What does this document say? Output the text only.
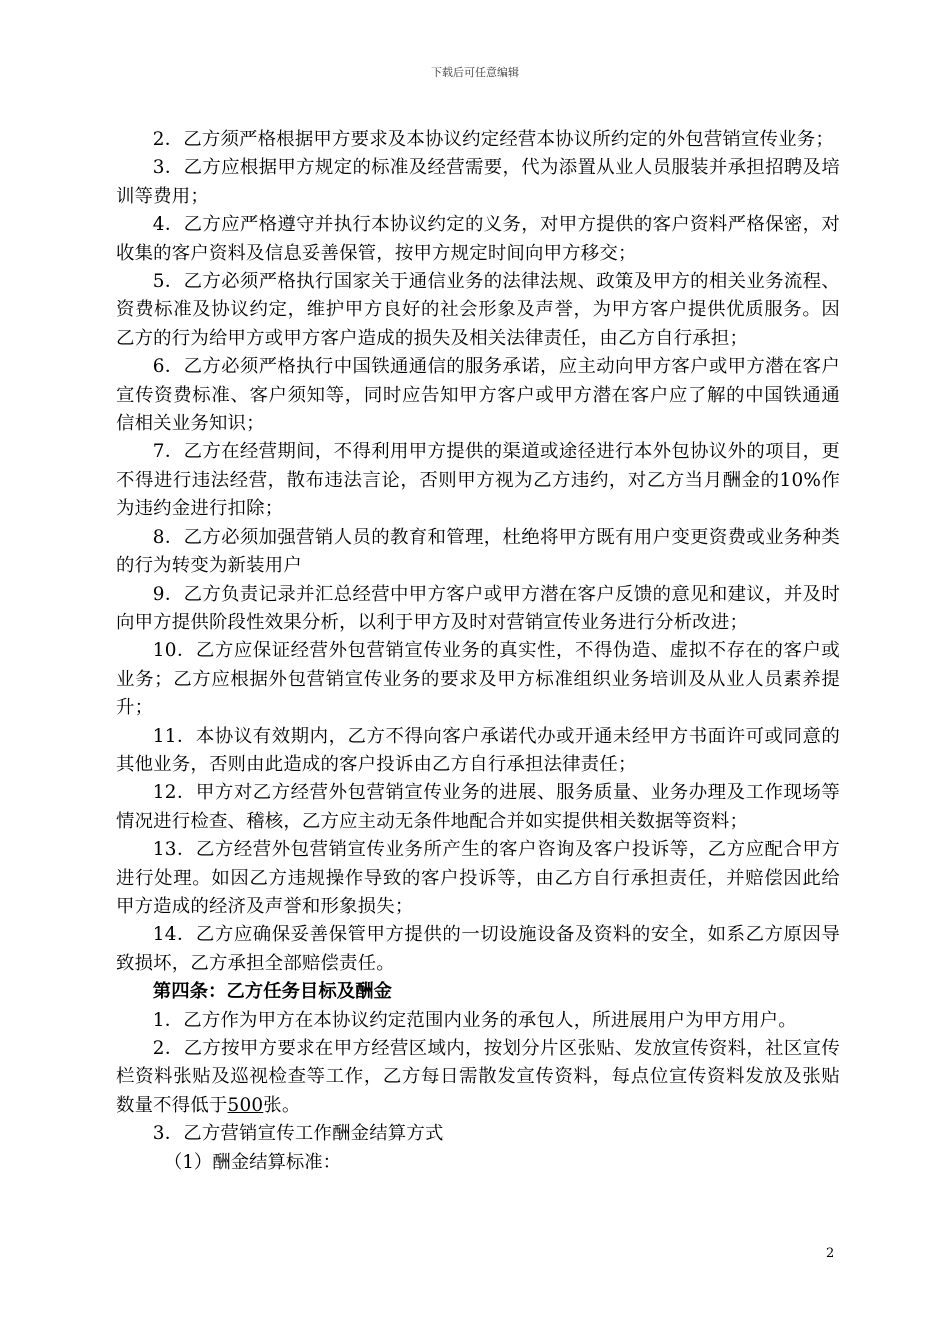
下载后可任意编辑

2．乙方须严格根据甲方要求及本协议约定经营本协议所约定的外包营销宣传业务；

3．乙方应根据甲方规定的标准及经营需要，代为添置从业人员服装并承担招聘及培训等费用；

4．乙方应严格遵守并执行本协议约定的义务，对甲方提供的客户资料严格保密，对收集的客户资料及信息妥善保管，按甲方规定时间向甲方移交；

5．乙方必须严格执行国家关于通信业务的法律法规、政策及甲方的相关业务流程、资费标准及协议约定，维护甲方良好的社会形象及声誉，为甲方客户提供优质服务。因乙方的行为给甲方或甲方客户造成的损失及相关法律责任，由乙方自行承担；

6．乙方必须严格执行中国铁通通信的服务承诺，应主动向甲方客户或甲方潜在客户宣传资费标准、客户须知等，同时应告知甲方客户或甲方潜在客户应了解的中国铁通通信相关业务知识；

7．乙方在经营期间，不得利用甲方提供的渠道或途径进行本外包协议外的项目，更不得进行违法经营，散布违法言论，否则甲方视为乙方违约，对乙方当月酬金的10%作为违约金进行扣除；

8．乙方必须加强营销人员的教育和管理，杜绝将甲方既有用户变更资费或业务种类的行为转变为新装用户

9．乙方负责记录并汇总经营中甲方客户或甲方潜在客户反馈的意见和建议，并及时向甲方提供阶段性效果分析，以利于甲方及时对营销宣传业务进行分析改进；

10．乙方应保证经营外包营销宣传业务的真实性，不得伪造、虚拟不存在的客户或业务；乙方应根据外包营销宣传业务的要求及甲方标准组织业务培训及从业人员素养提升；

11．本协议有效期内，乙方不得向客户承诺代办或开通未经甲方书面许可或同意的其他业务，否则由此造成的客户投诉由乙方自行承担法律责任；

12．甲方对乙方经营外包营销宣传业务的进展、服务质量、业务办理及工作现场等情况进行检查、稽核，乙方应主动无条件地配合并如实提供相关数据等资料；

13．乙方经营外包营销宣传业务所产生的客户咨询及客户投诉等，乙方应配合甲方进行处理。如因乙方违规操作导致的客户投诉等，由乙方自行承担责任，并赔偿因此给甲方造成的经济及声誉和形象损失；

14．乙方应确保妥善保管甲方提供的一切设施设备及资料的安全，如系乙方原因导致损坏，乙方承担全部赔偿责任。

第四条：乙方任务目标及酬金

1．乙方作为甲方在本协议约定范围内业务的承包人，所进展用户为甲方用户。

2．乙方按甲方要求在甲方经营区域内，按划分片区张贴、发放宣传资料，社区宣传栏资料张贴及巡视检查等工作，乙方每日需散发宣传资料，每点位宣传资料发放及张贴数量不得低于500张。

3．乙方营销宣传工作酬金结算方式

（1）酬金结算标准：

2
